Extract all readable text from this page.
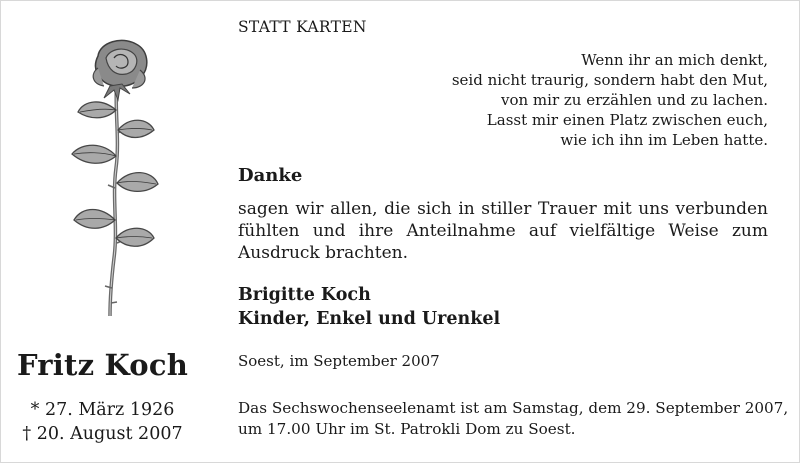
Fritz Koch
* 27. März 1926
† 20. August 2007
STATT KARTEN
Wenn ihr an mich denkt,
seid nicht traurig, sondern habt den Mut,
von mir zu erzählen und zu lachen.
Lasst mir einen Platz zwischen euch,
wie ich ihn im Leben hatte.
Danke
sagen wir allen, die sich in stiller Trauer mit uns verbunden fühlten und ihre Anteilnahme auf vielfältige Weise zum Ausdruck brachten.
Brigitte Koch
Kinder, Enkel und Urenkel
Soest, im September 2007
Das Sechswochenseelenamt ist am Samstag, dem 29. September 2007,
um 17.00 Uhr im St. Patrokli Dom zu Soest.
